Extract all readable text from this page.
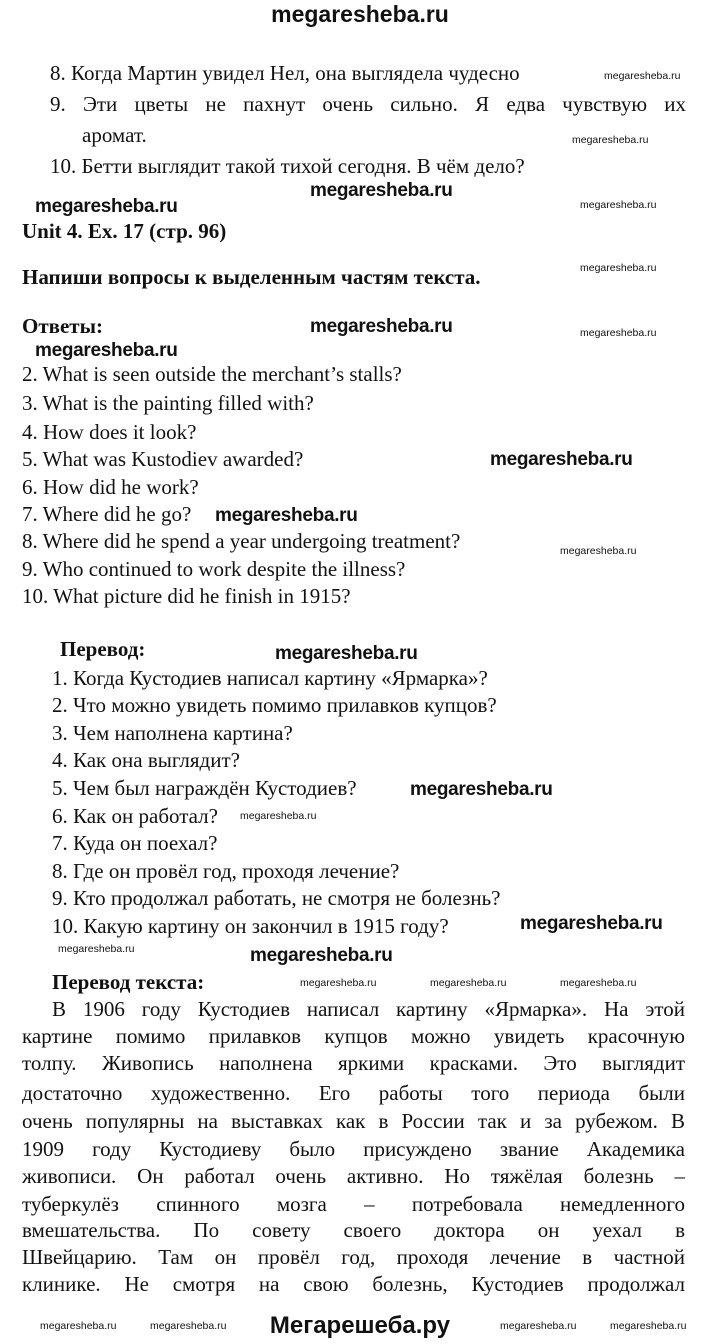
megaresheba.ru
8. Когда Мартин увидел Нел, она выглядела чудесно
9. Эти цветы не пахнут очень сильно. Я едва чувствую их
аромат.
10. Бетти выглядит такой тихой сегодня. В чём дело?
Unit 4. Ex. 17 (стр. 96)
Напиши вопросы к выделенным частям текста.
Ответы:
2. What is seen outside the merchant’s stalls?
3. What is the painting filled with?
4. How does it look?
5. What was Kustodiev awarded?
6. How did he work?
7. Where did he go?
8. Where did he spend a year undergoing treatment?
9. Who continued to work despite the illness?
10. What picture did he finish in 1915?
Перевод:
1. Когда Кустодиев написал картину «Ярмарка»?
2. Что можно увидеть помимо прилавков купцов?
3. Чем наполнена картина?
4. Как она выглядит?
5. Чем был награждён Кустодиев?
6. Как он работал?
7. Куда он поехал?
8. Где он провёл год, проходя лечение?
9. Кто продолжал работать, не смотря не болезнь?
10. Какую картину он закончил в 1915 году?
Перевод текста:
В 1906 году Кустодиев написал картину «Ярмарка». На этой
картине помимо прилавков купцов можно увидеть красочную
толпу. Живопись наполнена яркими красками. Это выглядит
достаточно художественно. Его работы того периода были
очень популярны на выставках как в России так и за рубежом. В
1909 году Кустодиеву было присуждено звание Академика
живописи. Он работал очень активно. Но тяжёлая болезнь –
туберкулёз спинного мозга – потребовала немедленного
вмешательства. По совету своего доктора он уехал в
Швейцарию. Там он провёл год, проходя лечение в частной
клинике. Не смотря на свою болезнь, Кустодиев продолжал
megaresheba.ru
megaresheba.ru
megaresheba.ru
megaresheba.ru	megaresheba.ru
megaresheba.ru
megaresheba.ru	megaresheba.ru
megaresheba.ru
megaresheba.ru
megaresheba.ru
megaresheba.ru
megaresheba.ru
megaresheba.ru
megaresheba.ru
megaresheba.ru
megaresheba.ru	megaresheba.ru
megaresheba.ru	megaresheba.ru	megaresheba.ru
megaresheba.ru	megaresheba.ru	megaresheba.ru	megaresheba.ru
Мегарешеба.ру
